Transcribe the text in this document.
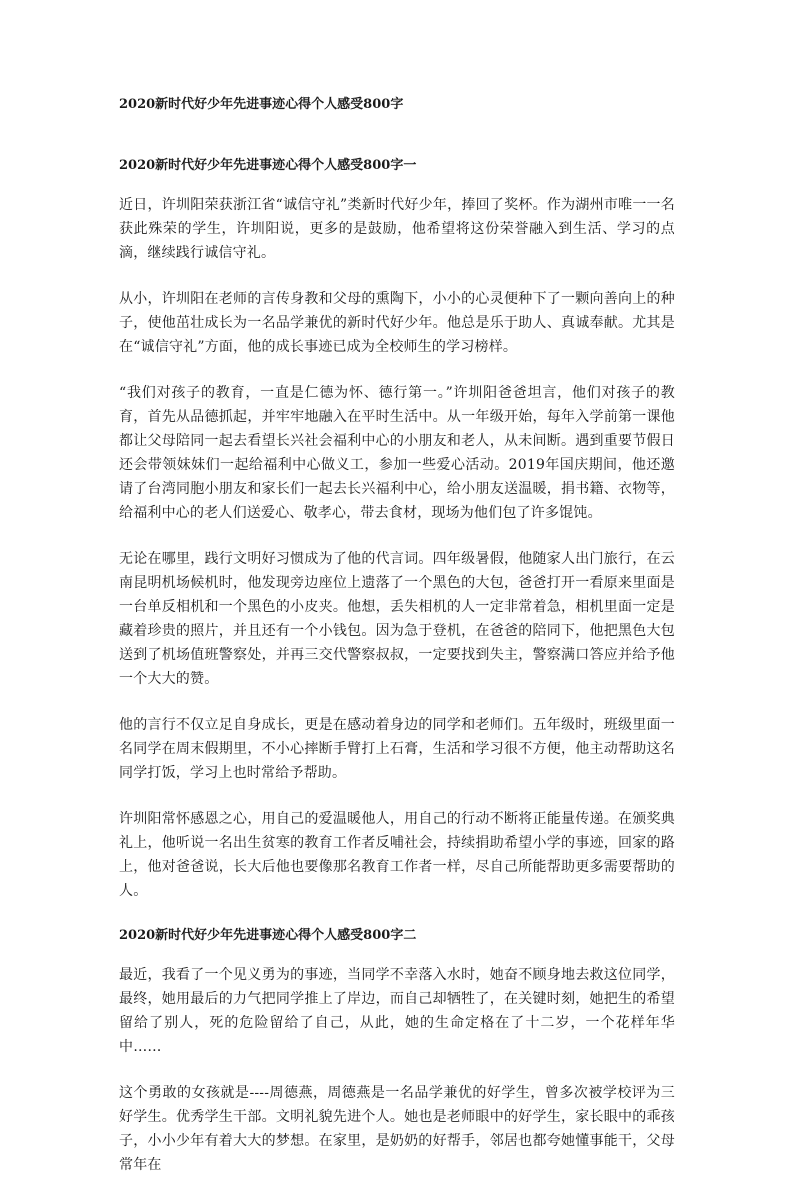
2020新时代好少年先进事迹心得个人感受800字
2020新时代好少年先进事迹心得个人感受800字一

近日，许圳阳荣获浙江省“诚信守礼”类新时代好少年，捧回了奖杯。作为湖州市唯一一名获此殊荣的学生，许圳阳说，更多的是鼓励，他希望将这份荣誉融入到生活、学习的点滴，继续践行诚信守礼。

从小，许圳阳在老师的言传身教和父母的熏陶下，小小的心灵便种下了一颗向善向上的种子，使他茁壮成长为一名品学兼优的新时代好少年。他总是乐于助人、真诚奉献。尤其是在“诚信守礼”方面，他的成长事迹已成为全校师生的学习榜样。

“我们对孩子的教育，一直是仁德为怀、德行第一。”许圳阳爸爸坦言，他们对孩子的教育，首先从品德抓起，并牢牢地融入在平时生活中。从一年级开始，每年入学前第一课他都让父母陪同一起去看望长兴社会福利中心的小朋友和老人，从未间断。遇到重要节假日还会带领妹妹们一起给福利中心做义工，参加一些爱心活动。2019年国庆期间，他还邀请了台湾同胞小朋友和家长们一起去长兴福利中心，给小朋友送温暖，捐书籍、衣物等，给福利中心的老人们送爱心、敬孝心，带去食材，现场为他们包了许多馄饨。

无论在哪里，践行文明好习惯成为了他的代言词。四年级暑假，他随家人出门旅行，在云南昆明机场候机时，他发现旁边座位上遗落了一个黑色的大包，爸爸打开一看原来里面是一台单反相机和一个黑色的小皮夹。他想，丢失相机的人一定非常着急，相机里面一定是藏着珍贵的照片，并且还有一个小钱包。因为急于登机，在爸爸的陪同下，他把黑色大包送到了机场值班警察处，并再三交代警察叔叔，一定要找到失主，警察满口答应并给予他一个大大的赞。

他的言行不仅立足自身成长，更是在感动着身边的同学和老师们。五年级时，班级里面一名同学在周末假期里，不小心摔断手臂打上石膏，生活和学习很不方便，他主动帮助这名同学打饭，学习上也时常给予帮助。

许圳阳常怀感恩之心，用自己的爱温暖他人，用自己的行动不断将正能量传递。在颁奖典礼上，他听说一名出生贫寒的教育工作者反哺社会，持续捐助希望小学的事迹，回家的路上，他对爸爸说，长大后他也要像那名教育工作者一样，尽自己所能帮助更多需要帮助的人。

2020新时代好少年先进事迹心得个人感受800字二

最近，我看了一个见义勇为的事迹，当同学不幸落入水时，她奋不顾身地去救这位同学，最终，她用最后的力气把同学推上了岸边，而自己却牺牲了，在关键时刻，她把生的希望留给了别人，死的危险留给了自己，从此，她的生命定格在了十二岁，一个花样年华中……

这个勇敢的女孩就是----周德燕，周德燕是一名品学兼优的好学生，曾多次被学校评为三好学生。优秀学生干部。文明礼貌先进个人。她也是老师眼中的好学生，家长眼中的乖孩子，小小少年有着大大的梦想。在家里，是奶奶的好帮手，邻居也都夸她懂事能干，父母常年在
